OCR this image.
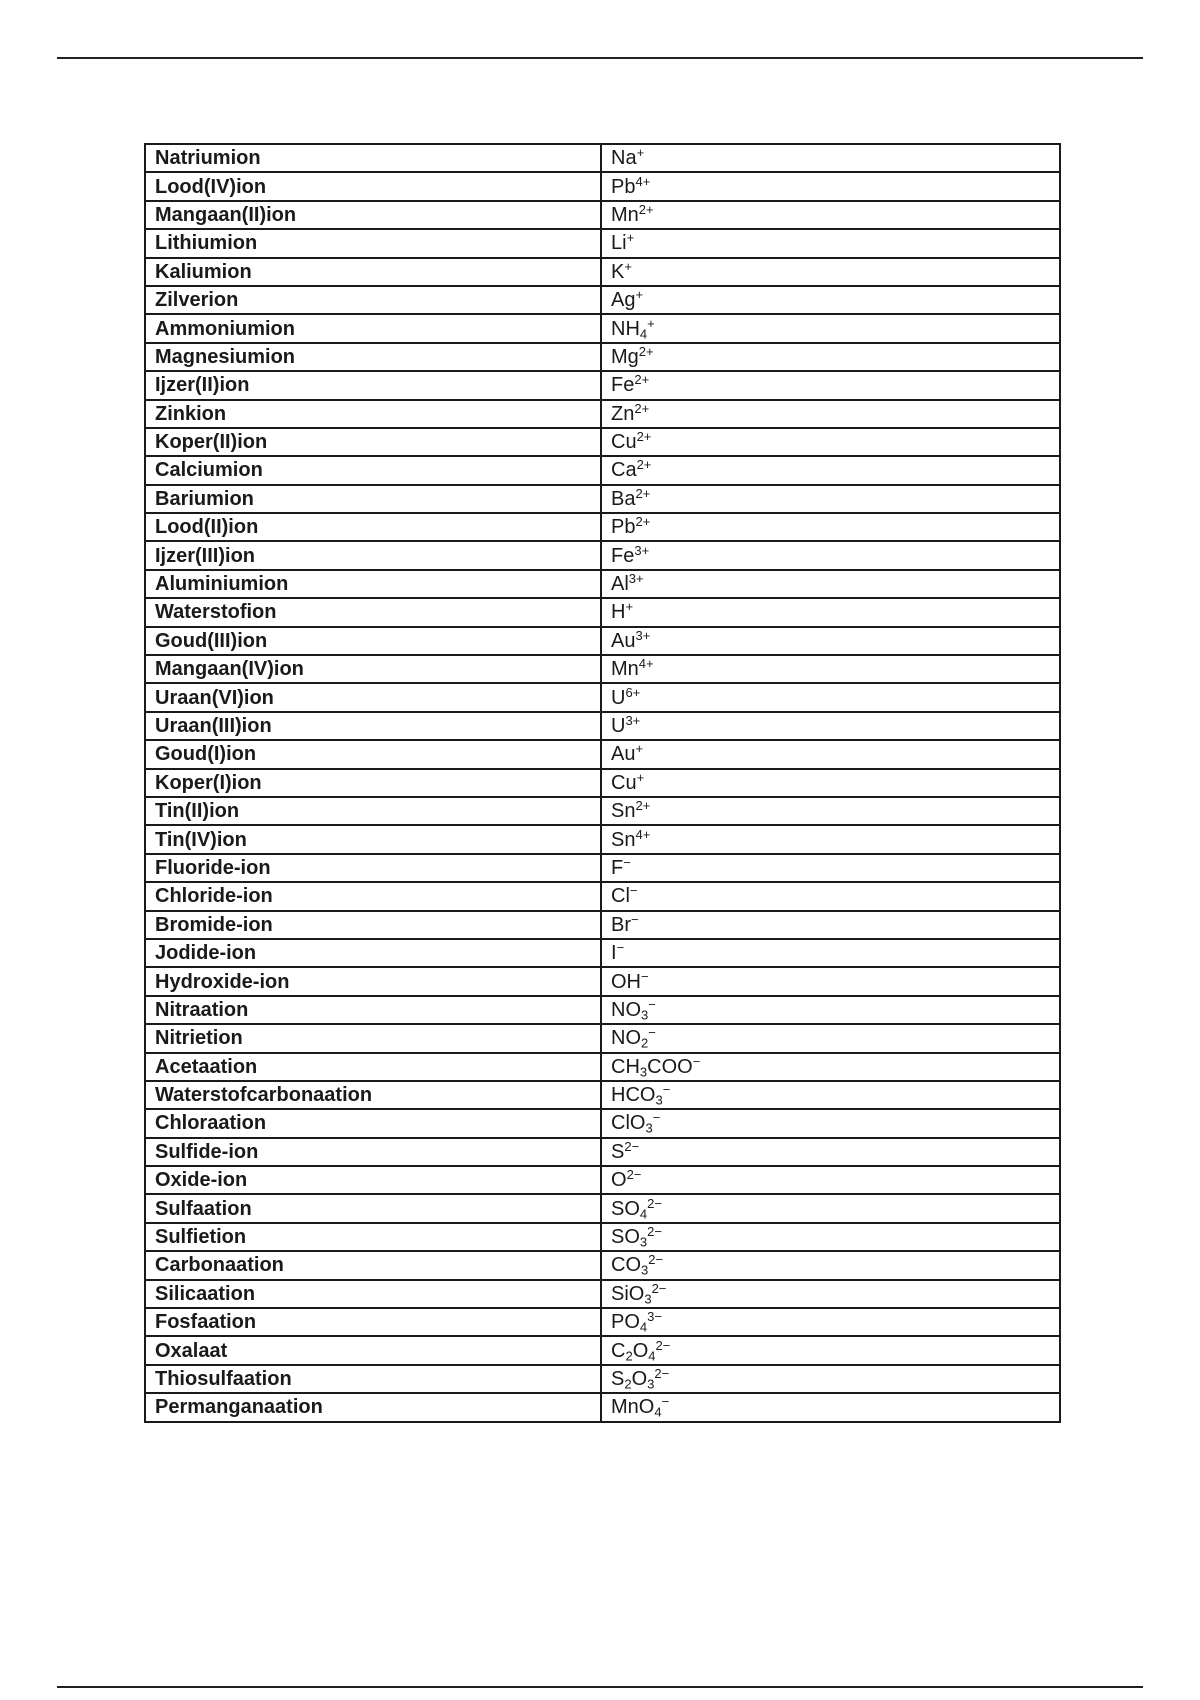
Natriumion	Na+
Lood(IV)ion	$Pb^{4+}$
Mangaan(II)ion	$Mn^{2+}$
Lithiumion	Li+
Kaliumion	K+
Zilverion	Ag+
Ammoniumion	$NH_4^+$
Magnesiumion	$Mg^{2+}$
Ijzer(II)ion	$Fe^{2+}$
Zinkion	$Zn^{2+}$
Koper(II)ion	$Cu^{2+}$
Calciumion	$Ca^{2+}$
Bariumion	$Ba^{2+}$
Lood(II)ion	$Pb^{2+}$
Ijzer(III)ion	$Fe^{3+}$
Aluminiumion	$Al^{3+}$
Waterstofion	H+
Goud(III)ion	$Au^{3+}$
Mangaan(IV)ion	$Mn^{4+}$
Uraan(VI)ion	$U^{6+}$
Uraan(III)ion	$U^{3+}$
Goud(I)ion	Au+
Koper(I)ion	Cu+
Tin(II)ion	$Sn^{2+}$
Tin(IV)ion	$Sn^{4+}$
Fluoride-ion	F−
Chloride-ion	Cl−
Bromide-ion	Br−
Jodide-ion	I−
Hydroxide-ion	OH−
Nitraation	$NO_3^-$
Nitrietion	$NO_2^-$
Acetaation	$CH_3COO^-$
Waterstofcarbonaation	$HCO_3^-$
Chloraation	ClO$_3$−
Sulfide-ion	$S^{2-}$
Oxide-ion	$O^{2-}$
Sulfaation	$SO_4^{2-}$
Sulfietion	$SO_3^{2-}$
Carbonaation	$CO_3^{2-}$
Silicaation	SiO$_3^{2-}$
Fosfaation	$PO_4^{3-}$
Oxalaat	$C_2O_4^{2-}$
Thiosulfaation	$S_2O_3^{2-}$
Permanganaation	MnO$_4$−
